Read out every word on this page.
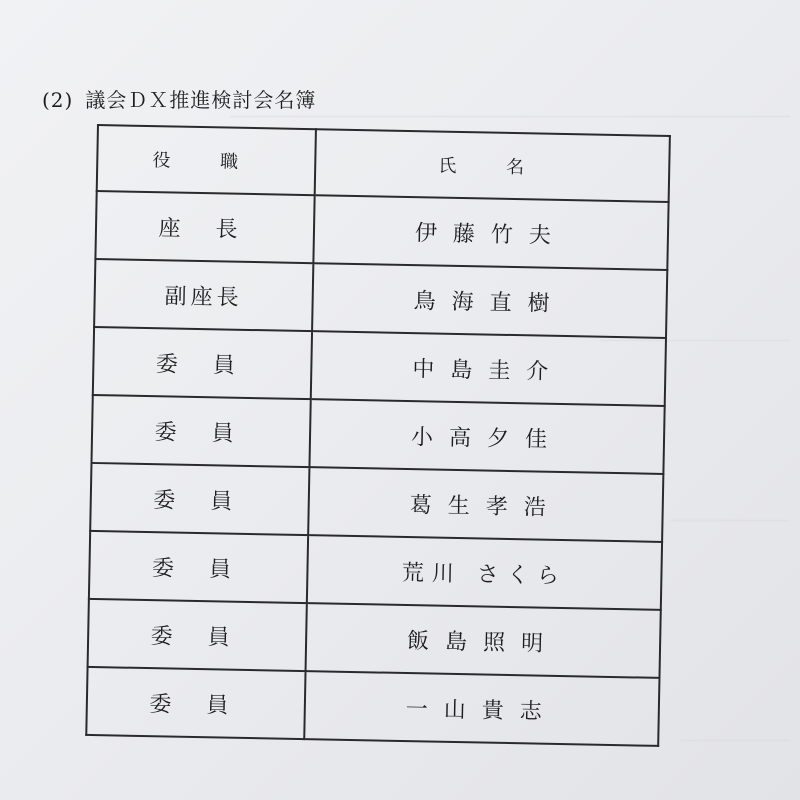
(2) 議会ＤＸ推進検討会名簿
役 職	氏 名
座 長	伊藤竹夫
副座長	鳥海直樹
委 員	中島圭介
委 員	小高夕佳
委 員	葛生孝浩
委 員	荒川 さくら
委 員	飯島照明
委 員	一山貴志
